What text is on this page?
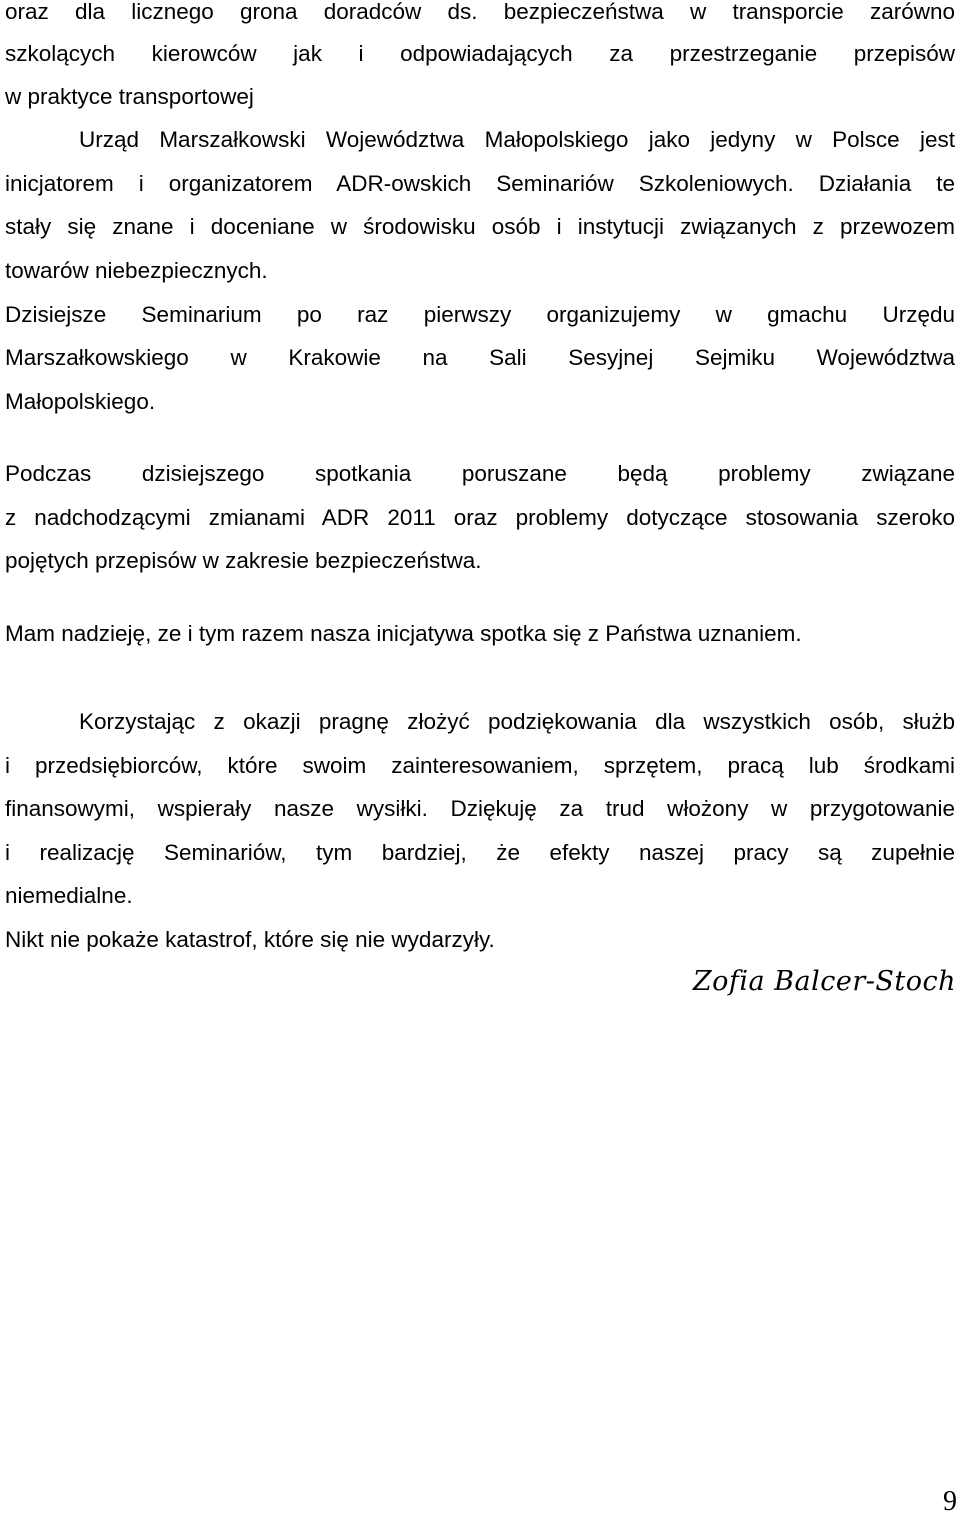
oraz dla licznego grona doradców ds. bezpieczeństwa w transporcie zarówno
szkolących kierowców jak i odpowiadających za przestrzeganie przepisów
w praktyce transportowej
Urząd Marszałkowski Województwa Małopolskiego jako jedyny w Polsce jest
inicjatorem i organizatorem ADR-owskich Seminariów Szkoleniowych. Działania te
stały się znane i doceniane w środowisku osób i instytucji związanych z przewozem
towarów niebezpiecznych.
Dzisiejsze Seminarium po raz pierwszy organizujemy w gmachu Urzędu
Marszałkowskiego w Krakowie na Sali Sesyjnej Sejmiku Województwa
Małopolskiego.
Podczas dzisiejszego spotkania poruszane będą problemy związane
z nadchodzącymi zmianami ADR 2011 oraz problemy dotyczące stosowania szeroko
pojętych przepisów w zakresie bezpieczeństwa.
Mam nadzieję, ze i tym razem nasza inicjatywa spotka się z Państwa uznaniem.
Korzystając z okazji pragnę złożyć podziękowania dla wszystkich osób, służb
i przedsiębiorców, które swoim zainteresowaniem, sprzętem, pracą lub środkami
finansowymi, wspierały nasze wysiłki. Dziękuję za trud włożony w przygotowanie
i realizację Seminariów, tym bardziej, że efekty naszej pracy są zupełnie
niemedialne.
Nikt nie pokaże katastrof, które się nie wydarzyły.
Zofia Balcer-Stoch
9
